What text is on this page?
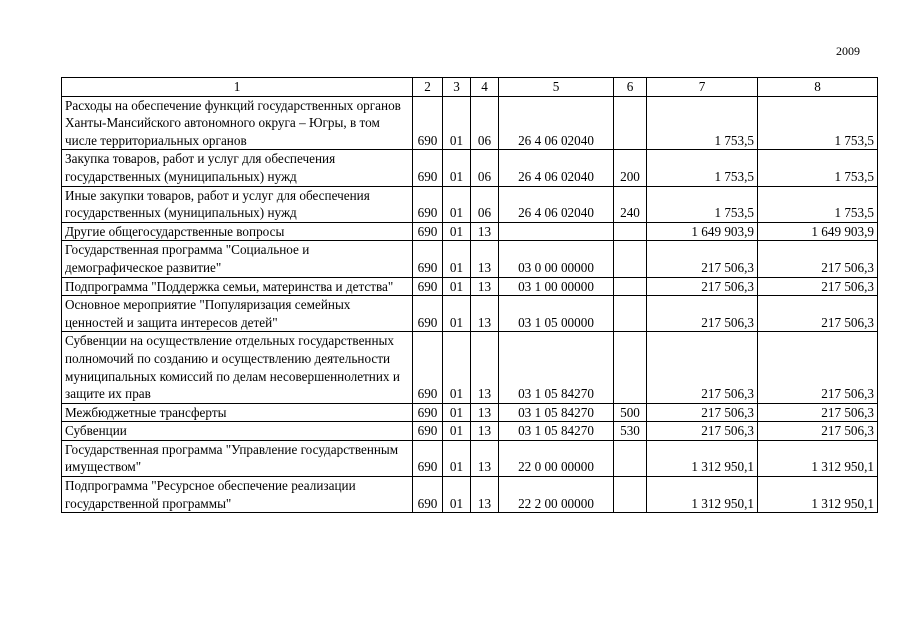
2009
1	2	3	4	5	6	7	8
Расходы на обеспечение функций государственных органов Ханты-Мансийского автономного округа – Югры, в том числе территориальных органов	690	01	06	26 4 06 02040		1 753,5	1 753,5
Закупка товаров, работ и услуг для обеспечения государственных (муниципальных) нужд	690	01	06	26 4 06 02040	200	1 753,5	1 753,5
Иные закупки товаров, работ и услуг для обеспечения государственных (муниципальных) нужд	690	01	06	26 4 06 02040	240	1 753,5	1 753,5
Другие общегосударственные вопросы	690	01	13			1 649 903,9	1 649 903,9
Государственная программа "Социальное и демографическое развитие"	690	01	13	03 0 00 00000		217 506,3	217 506,3
Подпрограмма "Поддержка семьи, материнства и детства"	690	01	13	03 1 00 00000		217 506,3	217 506,3
Основное мероприятие "Популяризация семейных ценностей и защита интересов детей"	690	01	13	03 1 05 00000		217 506,3	217 506,3
Субвенции на осуществление отдельных государственных полномочий по созданию и осуществлению деятельности муниципальных комиссий по делам несовершеннолетних и защите их прав	690	01	13	03 1 05 84270		217 506,3	217 506,3
Межбюджетные трансферты	690	01	13	03 1 05 84270	500	217 506,3	217 506,3
Субвенции	690	01	13	03 1 05 84270	530	217 506,3	217 506,3
Государственная программа "Управление государственным имуществом"	690	01	13	22 0 00 00000		1 312 950,1	1 312 950,1
Подпрограмма "Ресурсное обеспечение реализации государственной программы"	690	01	13	22 2 00 00000		1 312 950,1	1 312 950,1
